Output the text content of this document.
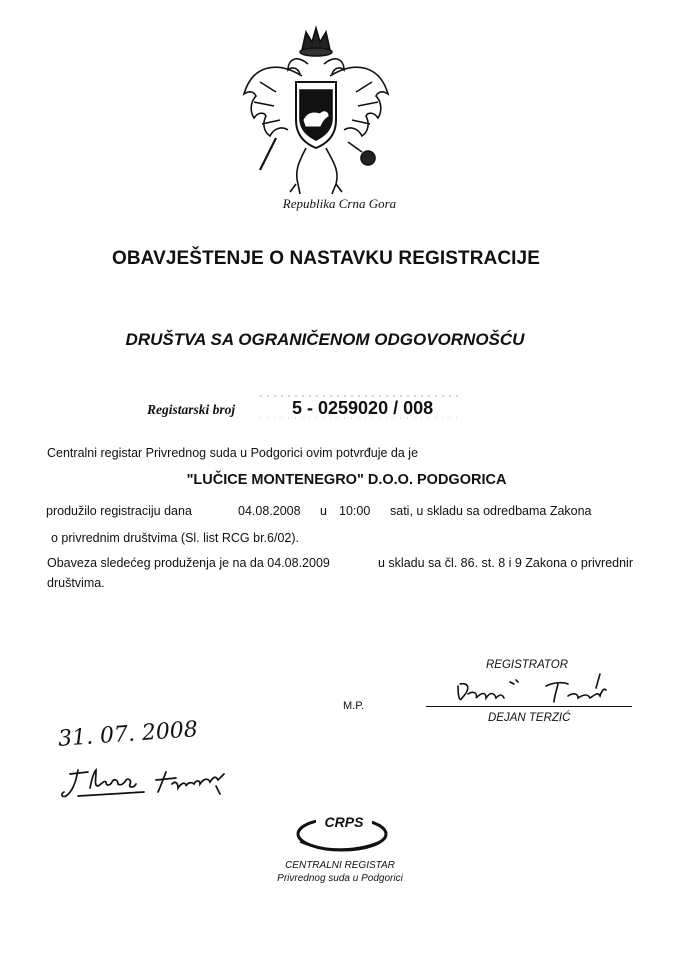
Republika Crna Gora
OBAVJEŠTENJE O NASTAVKU REGISTRACIJE
DRUŠTVA SA OGRANIČENOM ODGOVORNOŠĆU
Registarski broj	5 - 0259020 / 008
Centralni registar Privrednog suda u Podgorici ovim potvrđuje da je
"LUČICE MONTENEGRO" D.O.O. PODGORICA
produžilo registraciju dana	04.08.2008 u 10:00 sati, u skladu sa odredbama Zakona
o privrednim društvima (Sl. list RCG br.6/02).
Obaveza sledećeg produženja je na da 04.08.2009	u skladu sa čl. 86. st. 8 i 9 Zakona o privrednir
društvima.
REGISTRATOR
M.P.
DEJAN TERZIĆ
31. 07. 2008
CRPS
CENTRALNI REGISTAR
Privrednog suda u Podgorici
